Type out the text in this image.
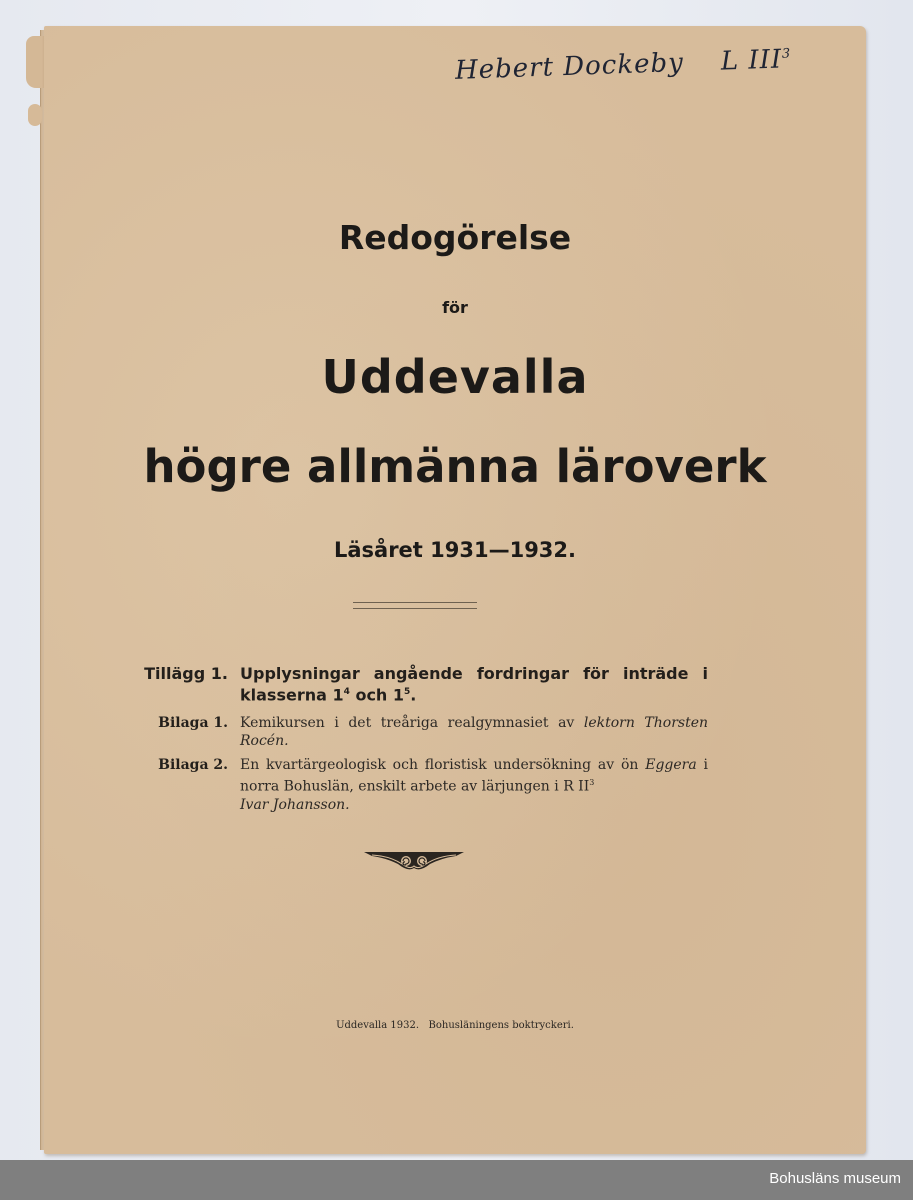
Hebert Dockeby L III$^3$
Redogörelse
för
Uddevalla
högre allmänna läroverk
Läsåret 1931—1932.
Tillägg 1. Upplysningar angående fordringar för inträde i klasserna $1^4$ och $1^5$.
Bilaga 1. Kemikursen i det treåriga realgymnasiet av lektorn Thorsten Rocén.
Bilaga 2. En kvartärgeologisk och floristisk undersökning av ön Eggera i norra Bohuslän, enskilt arbete av lärjungen i R $II^3$
Ivar Johansson.
Uddevalla 1932.   Bohusläningens boktryckeri.
Bohusläns museum
